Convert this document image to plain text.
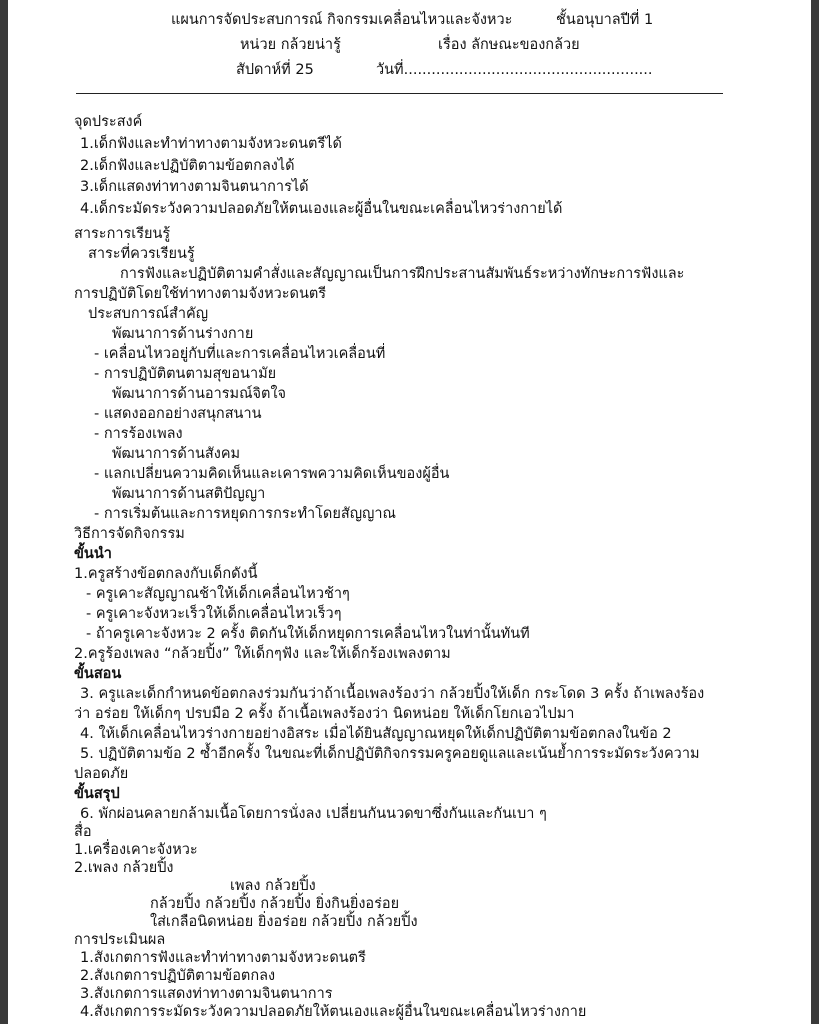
แผนการจัดประสบการณ์ กิจกรรมเคลื่อนไหวและจังหวะ	ชั้นอนุบาลปีที่ 1
หน่วย กล้วยน่ารู้	เรื่อง ลักษณะของกล้วย
สัปดาห์ที่ 25	วันที่......................................................
จุดประสงค์
1.เด็กฟังและทำท่าทางตามจังหวะดนตรีได้
2.เด็กฟังและปฏิบัติตามข้อตกลงได้
3.เด็กแสดงท่าทางตามจินตนาการได้
4.เด็กระมัดระวังความปลอดภัยให้ตนเองและผู้อื่นในขณะเคลื่อนไหวร่างกายได้
สาระการเรียนรู้
สาระที่ควรเรียนรู้
การฟังและปฏิบัติตามคำสั่งและสัญญาณเป็นการฝึกประสานสัมพันธ์ระหว่างทักษะการฟังและ
การปฏิบัติโดยใช้ท่าทางตามจังหวะดนตรี
ประสบการณ์สำคัญ
พัฒนาการด้านร่างกาย
- เคลื่อนไหวอยู่กับที่และการเคลื่อนไหวเคลื่อนที่
- การปฏิบัติตนตามสุขอนามัย
พัฒนาการด้านอารมณ์จิตใจ
- แสดงออกอย่างสนุกสนาน
- การร้องเพลง
พัฒนาการด้านสังคม
- แลกเปลี่ยนความคิดเห็นและเคารพความคิดเห็นของผู้อื่น
พัฒนาการด้านสติปัญญา
- การเริ่มต้นและการหยุดการกระทำโดยสัญญาณ
วิธีการจัดกิจกรรม
ขั้นนำ
1.ครูสร้างข้อตกลงกับเด็กดังนี้
- ครูเคาะสัญญาณช้าให้เด็กเคลื่อนไหวช้าๆ
- ครูเคาะจังหวะเร็วให้เด็กเคลื่อนไหวเร็วๆ
- ถ้าครูเคาะจังหวะ 2 ครั้ง ติดกันให้เด็กหยุดการเคลื่อนไหวในท่านั้นทันที
2.ครูร้องเพลง “กล้วยปิ้ง” ให้เด็กๆฟัง และให้เด็กร้องเพลงตาม
ขั้นสอน
3. ครูและเด็กกำหนดข้อตกลงร่วมกันว่าถ้าเนื้อเพลงร้องว่า กล้วยปิ้งให้เด็ก กระโดด 3 ครั้ง ถ้าเพลงร้อง
ว่า อร่อย ให้เด็กๆ ปรบมือ 2 ครั้ง ถ้าเนื้อเพลงร้องว่า นิดหน่อย ให้เด็กโยกเอวไปมา
4. ให้เด็กเคลื่อนไหวร่างกายอย่างอิสระ เมื่อได้ยินสัญญาณหยุดให้เด็กปฏิบัติตามข้อตกลงในข้อ 2
5. ปฏิบัติตามข้อ 2 ซ้ำอีกครั้ง ในขณะที่เด็กปฏิบัติกิจกรรมครูคอยดูแลและเน้นย้ำการระมัดระวังความ
ปลอดภัย
ขั้นสรุป
6. พักผ่อนคลายกล้ามเนื้อโดยการนั่งลง เปลี่ยนกันนวดขาซึ่งกันและกันเบา ๆ
สื่อ
1.เครื่องเคาะจังหวะ
2.เพลง กล้วยปิ้ง
เพลง กล้วยปิ้ง
กล้วยปิ้ง กล้วยปิ้ง กล้วยปิ้ง ยิ่งกินยิ่งอร่อย
ใส่เกลือนิดหน่อย ยิ่งอร่อย กล้วยปิ้ง กล้วยปิ้ง
การประเมินผล
1.สังเกตการฟังและทำท่าทางตามจังหวะดนตรี
2.สังเกตการปฏิบัติตามข้อตกลง
3.สังเกตการแสดงท่าทางตามจินตนาการ
4.สังเกตการระมัดระวังความปลอดภัยให้ตนเองและผู้อื่นในขณะเคลื่อนไหวร่างกาย
